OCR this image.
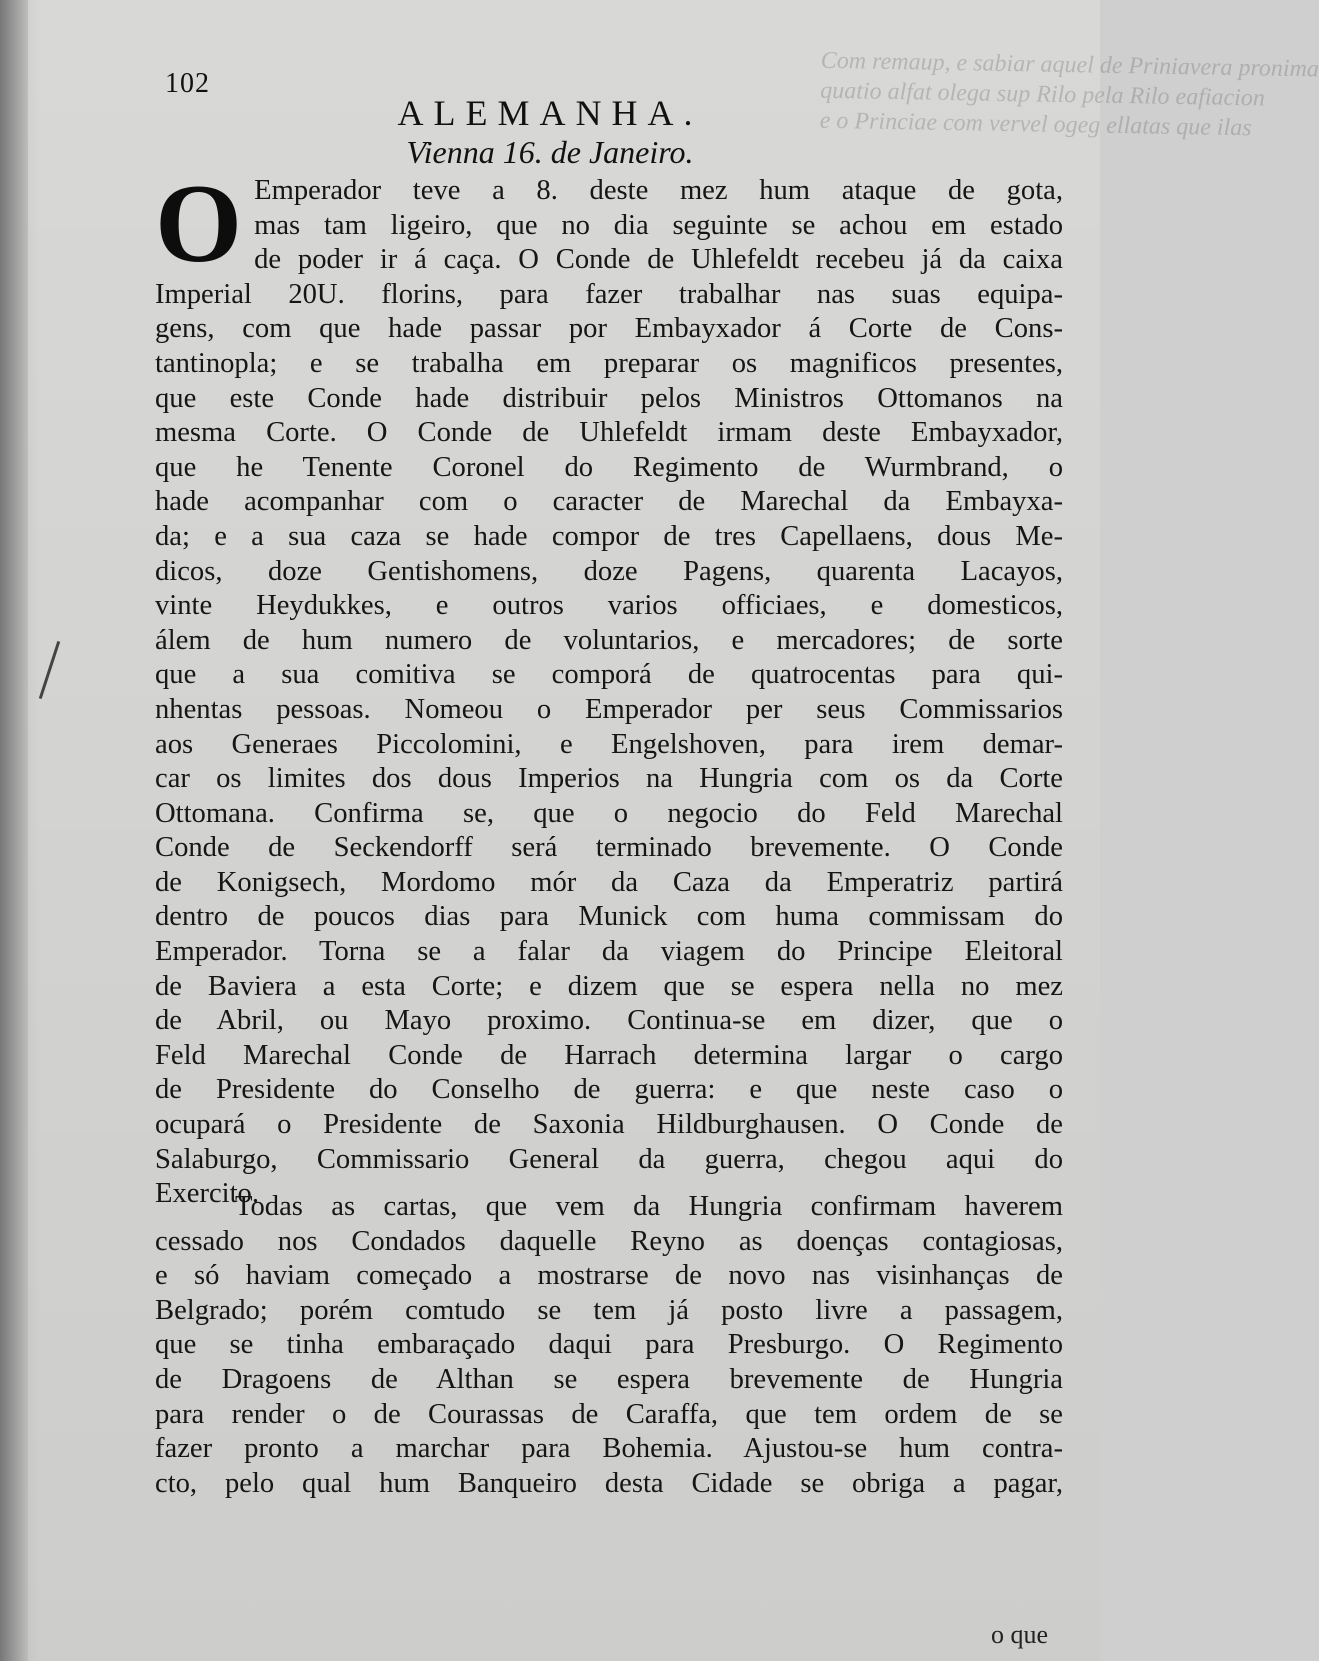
Com remaup, e sabiar aquel de Priniavera pronima
quatio alfat olega sup Rilo pela Rilo eafiacion
e o Princiae com vervel ogeg ellatas que ilas
102
ALEMANHA.
Vienna 16. de Janeiro.
O Emperador teve a 8. deste mez hum ataque de gota,
mas tam ligeiro, que no dia seguinte se achou em estado
de poder ir á caça. O Conde de Uhlefeldt recebeu já da caixa
Imperial 20U. florins, para fazer trabalhar nas suas equipa-
gens, com que hade passar por Embayxador á Corte de Cons-
tantinopla; e se trabalha em preparar os magnificos presentes,
que este Conde hade distribuir pelos Ministros Ottomanos na
mesma Corte. O Conde de Uhlefeldt irmam deste Embayxador,
que he Tenente Coronel do Regimento de Wurmbrand, o
hade acompanhar com o caracter de Marechal da Embayxa-
da; e a sua caza se hade compor de tres Capellaens, dous Me-
dicos, doze Gentishomens, doze Pagens, quarenta Lacayos,
vinte Heydukkes, e outros varios officiaes, e domesticos,
álem de hum numero de voluntarios, e mercadores; de sorte
que a sua comitiva se comporá de quatrocentas para qui-
nhentas pessoas. Nomeou o Emperador per seus Commissarios
aos Generaes Piccolomini, e Engelshoven, para irem demar-
car os limites dos dous Imperios na Hungria com os da Corte
Ottomana. Confirma se, que o negocio do Feld Marechal
Conde de Seckendorff será terminado brevemente. O Conde
de Konigsech, Mordomo mór da Caza da Emperatriz partirá
dentro de poucos dias para Munick com huma commissam do
Emperador. Torna se a falar da viagem do Principe Eleitoral
de Baviera a esta Corte; e dizem que se espera nella no mez
de Abril, ou Mayo proximo. Continua-se em dizer, que o
Feld Marechal Conde de Harrach determina largar o cargo
de Presidente do Conselho de guerra: e que neste caso o
ocupará o Presidente de Saxonia Hildburghausen. O Conde de
Salaburgo, Commissario General da guerra, chegou aqui do
Exercito.
Todas as cartas, que vem da Hungria confirmam haverem
cessado nos Condados daquelle Reyno as doenças contagiosas,
e só haviam começado a mostrarse de novo nas visinhanças de
Belgrado; porém comtudo se tem já posto livre a passagem,
que se tinha embaraçado daqui para Presburgo. O Regimento
de Dragoens de Althan se espera brevemente de Hungria
para render o de Courassas de Caraffa, que tem ordem de se
fazer pronto a marchar para Bohemia. Ajustou-se hum contra-
cto, pelo qual hum Banqueiro desta Cidade se obriga a pagar,
o que
